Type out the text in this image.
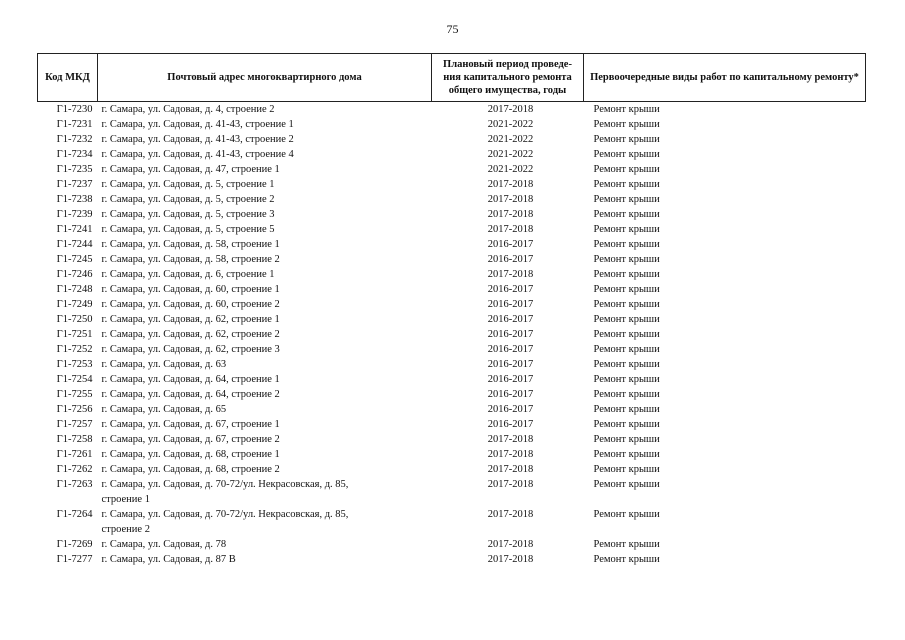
75
Код МКД	Почтовый адрес многоквартирного дома	Плановый период проведе-ния капитального ремонта общего имущества, годы	Первоочередные виды работ по капитальному ремонту*
Г1-7230	г. Самара, ул. Садовая, д. 4, строение 2	2017-2018	Ремонт крыши
Г1-7231	г. Самара, ул. Садовая, д. 41-43, строение 1	2021-2022	Ремонт крыши
Г1-7232	г. Самара, ул. Садовая, д. 41-43, строение 2	2021-2022	Ремонт крыши
Г1-7234	г. Самара, ул. Садовая, д. 41-43, строение 4	2021-2022	Ремонт крыши
Г1-7235	г. Самара, ул. Садовая, д. 47, строение 1	2021-2022	Ремонт крыши
Г1-7237	г. Самара, ул. Садовая, д. 5, строение 1	2017-2018	Ремонт крыши
Г1-7238	г. Самара, ул. Садовая, д. 5, строение 2	2017-2018	Ремонт крыши
Г1-7239	г. Самара, ул. Садовая, д. 5, строение 3	2017-2018	Ремонт крыши
Г1-7241	г. Самара, ул. Садовая, д. 5, строение 5	2017-2018	Ремонт крыши
Г1-7244	г. Самара, ул. Садовая, д. 58, строение 1	2016-2017	Ремонт крыши
Г1-7245	г. Самара, ул. Садовая, д. 58, строение 2	2016-2017	Ремонт крыши
Г1-7246	г. Самара, ул. Садовая, д. 6, строение 1	2017-2018	Ремонт крыши
Г1-7248	г. Самара, ул. Садовая, д. 60, строение 1	2016-2017	Ремонт крыши
Г1-7249	г. Самара, ул. Садовая, д. 60, строение 2	2016-2017	Ремонт крыши
Г1-7250	г. Самара, ул. Садовая, д. 62, строение 1	2016-2017	Ремонт крыши
Г1-7251	г. Самара, ул. Садовая, д. 62, строение 2	2016-2017	Ремонт крыши
Г1-7252	г. Самара, ул. Садовая, д. 62, строение 3	2016-2017	Ремонт крыши
Г1-7253	г. Самара, ул. Садовая, д. 63	2016-2017	Ремонт крыши
Г1-7254	г. Самара, ул. Садовая, д. 64, строение 1	2016-2017	Ремонт крыши
Г1-7255	г. Самара, ул. Садовая, д. 64, строение 2	2016-2017	Ремонт крыши
Г1-7256	г. Самара, ул. Садовая, д. 65	2016-2017	Ремонт крыши
Г1-7257	г. Самара, ул. Садовая, д. 67, строение 1	2016-2017	Ремонт крыши
Г1-7258	г. Самара, ул. Садовая, д. 67, строение 2	2017-2018	Ремонт крыши
Г1-7261	г. Самара, ул. Садовая, д. 68, строение 1	2017-2018	Ремонт крыши
Г1-7262	г. Самара, ул. Садовая, д. 68, строение 2	2017-2018	Ремонт крыши
Г1-7263	г. Самара, ул. Садовая, д. 70-72/ул. Некрасовская, д. 85, строение 1	2017-2018	Ремонт крыши
Г1-7264	г. Самара, ул. Садовая, д. 70-72/ул. Некрасовская, д. 85, строение 2	2017-2018	Ремонт крыши
Г1-7269	г. Самара, ул. Садовая, д. 78	2017-2018	Ремонт крыши
Г1-7277	г. Самара, ул. Садовая, д. 87 В	2017-2018	Ремонт крыши
